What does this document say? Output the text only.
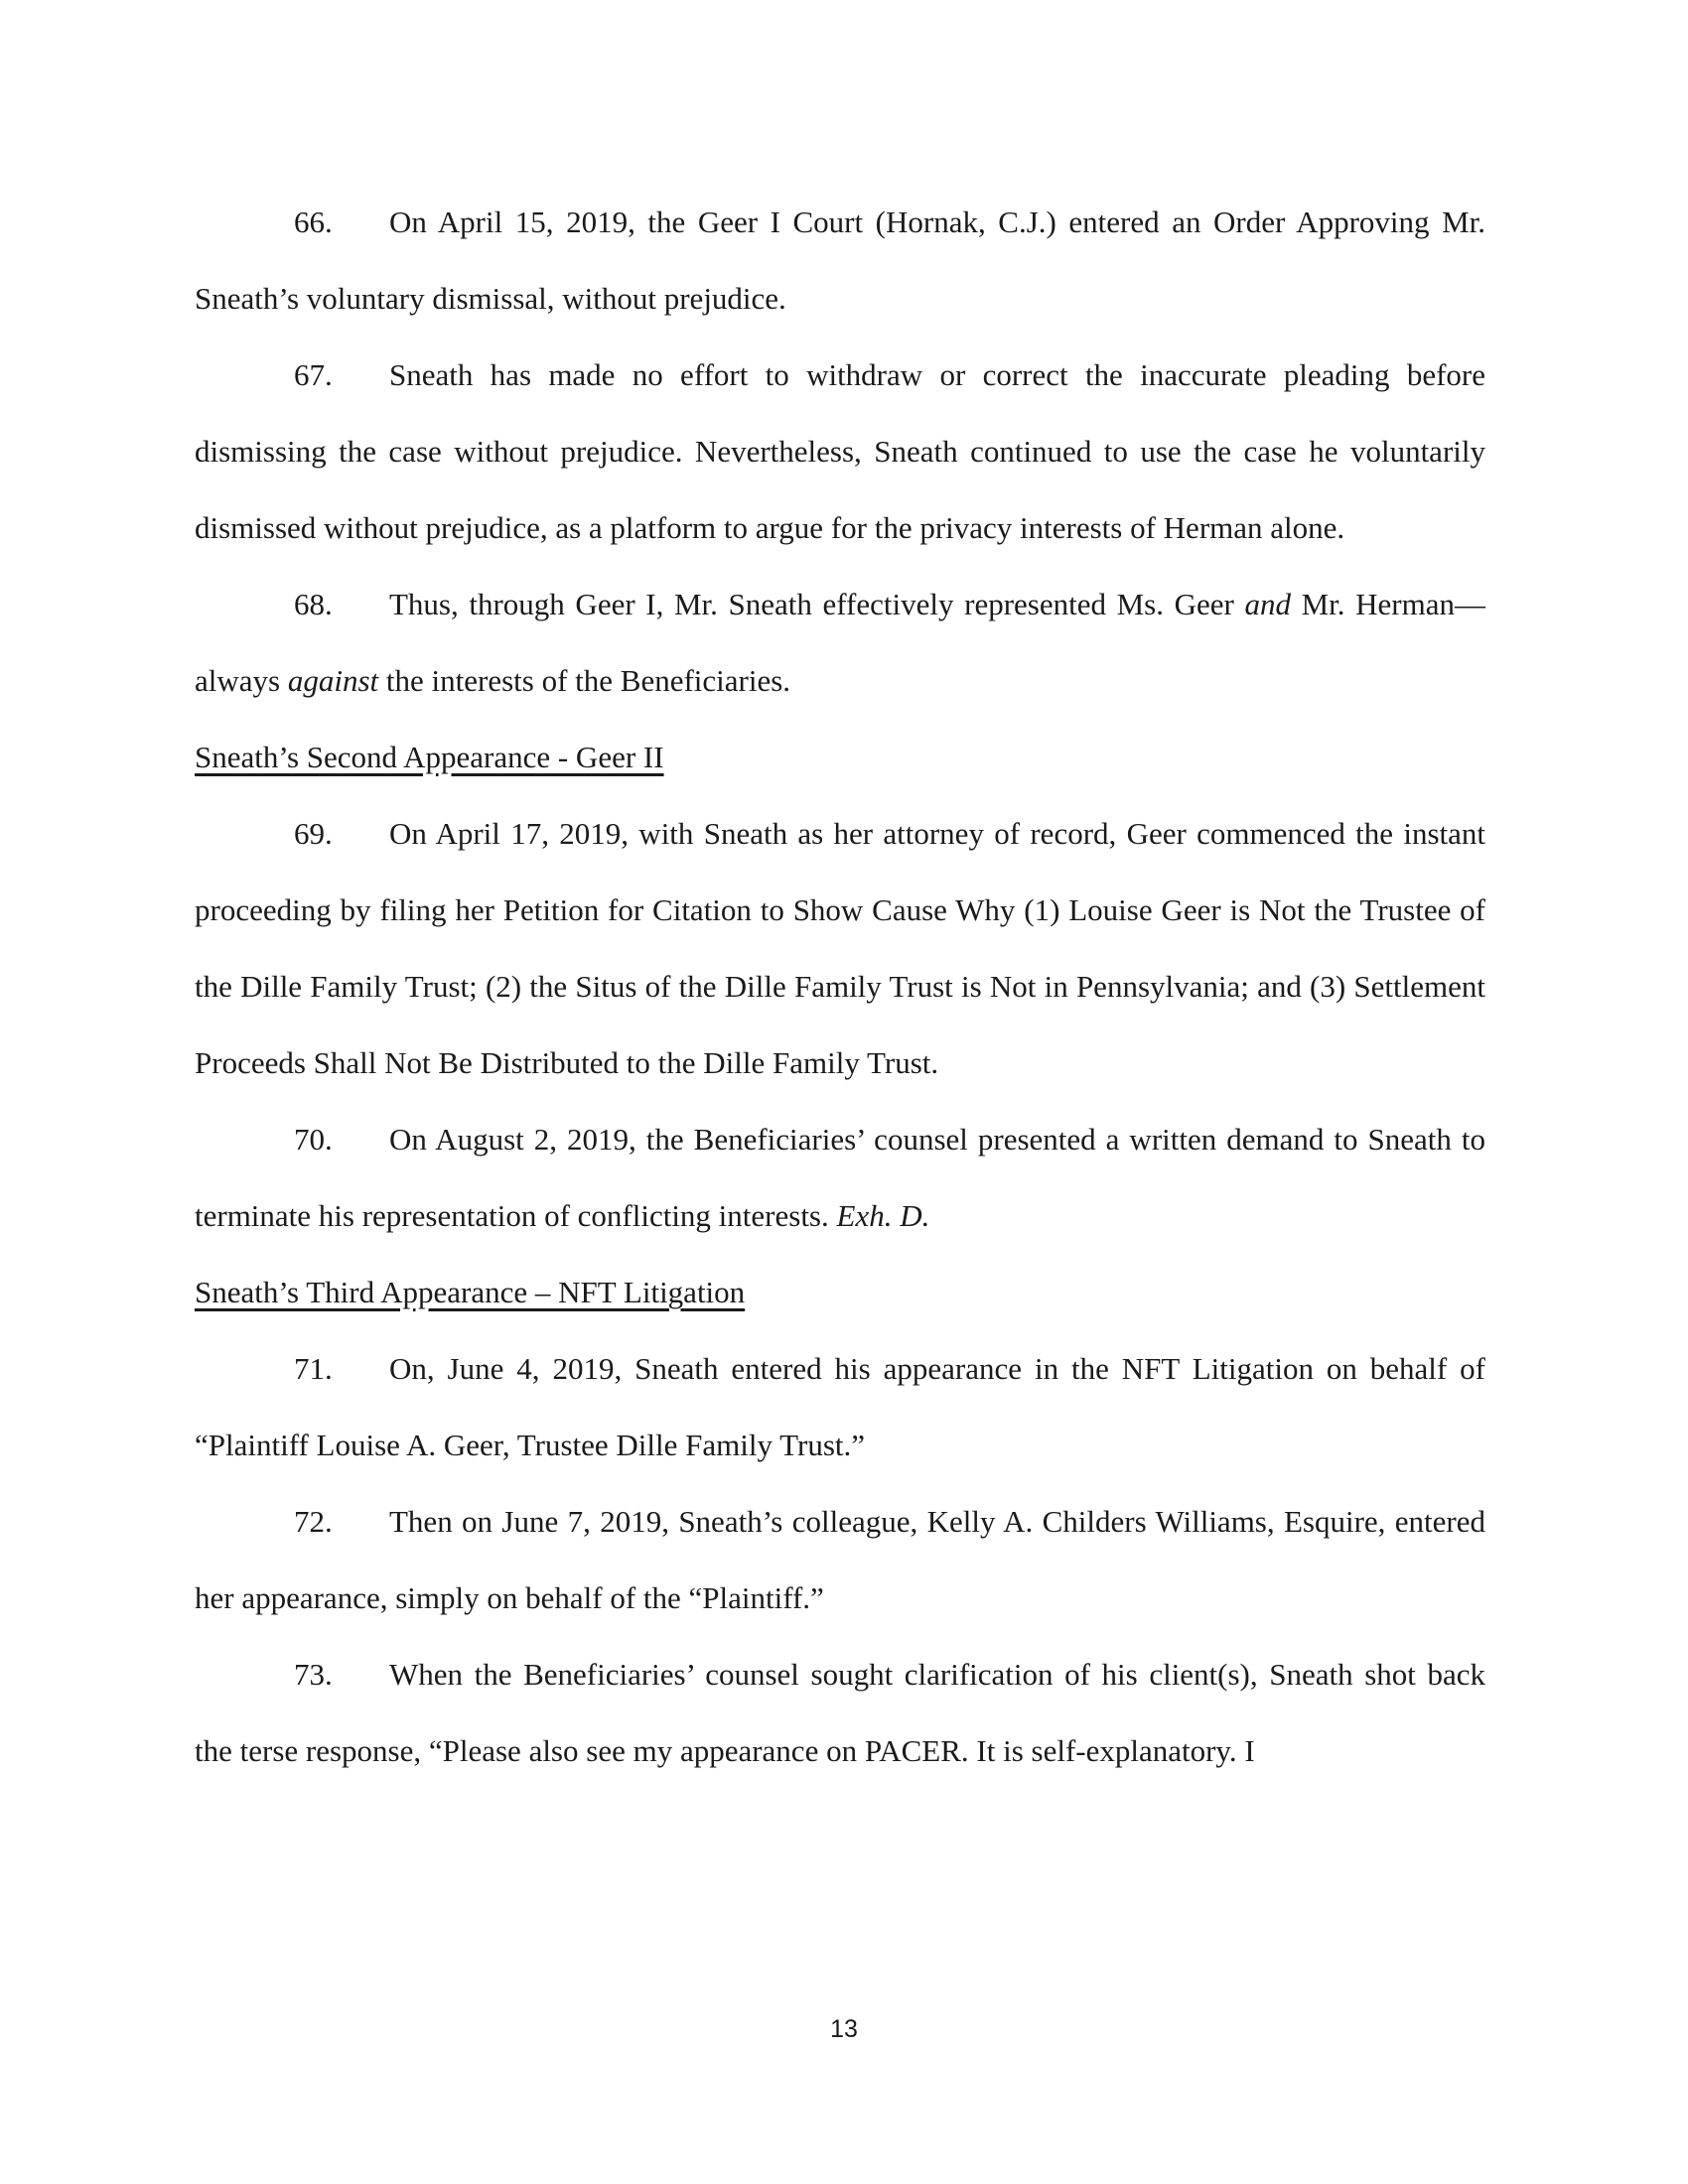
66. On April 15, 2019, the Geer I Court (Hornak, C.J.) entered an Order Approving Mr. Sneath’s voluntary dismissal, without prejudice.

67. Sneath has made no effort to withdraw or correct the inaccurate pleading before dismissing the case without prejudice. Nevertheless, Sneath continued to use the case he voluntarily dismissed without prejudice, as a platform to argue for the privacy interests of Herman alone.

68. Thus, through Geer I, Mr. Sneath effectively represented Ms. Geer and Mr. Herman—always against the interests of the Beneficiaries.

Sneath’s Second Appearance - Geer II

69. On April 17, 2019, with Sneath as her attorney of record, Geer commenced the instant proceeding by filing her Petition for Citation to Show Cause Why (1) Louise Geer is Not the Trustee of the Dille Family Trust; (2) the Situs of the Dille Family Trust is Not in Pennsylvania; and (3) Settlement Proceeds Shall Not Be Distributed to the Dille Family Trust.

70. On August 2, 2019, the Beneficiaries’ counsel presented a written demand to Sneath to terminate his representation of conflicting interests. Exh. D.

Sneath’s Third Appearance – NFT Litigation

71. On, June 4, 2019, Sneath entered his appearance in the NFT Litigation on behalf of “Plaintiff Louise A. Geer, Trustee Dille Family Trust.”

72. Then on June 7, 2019, Sneath’s colleague, Kelly A. Childers Williams, Esquire, entered her appearance, simply on behalf of the “Plaintiff.”

73. When the Beneficiaries’ counsel sought clarification of his client(s), Sneath shot back the terse response, “Please also see my appearance on PACER. It is self-explanatory. I

13
